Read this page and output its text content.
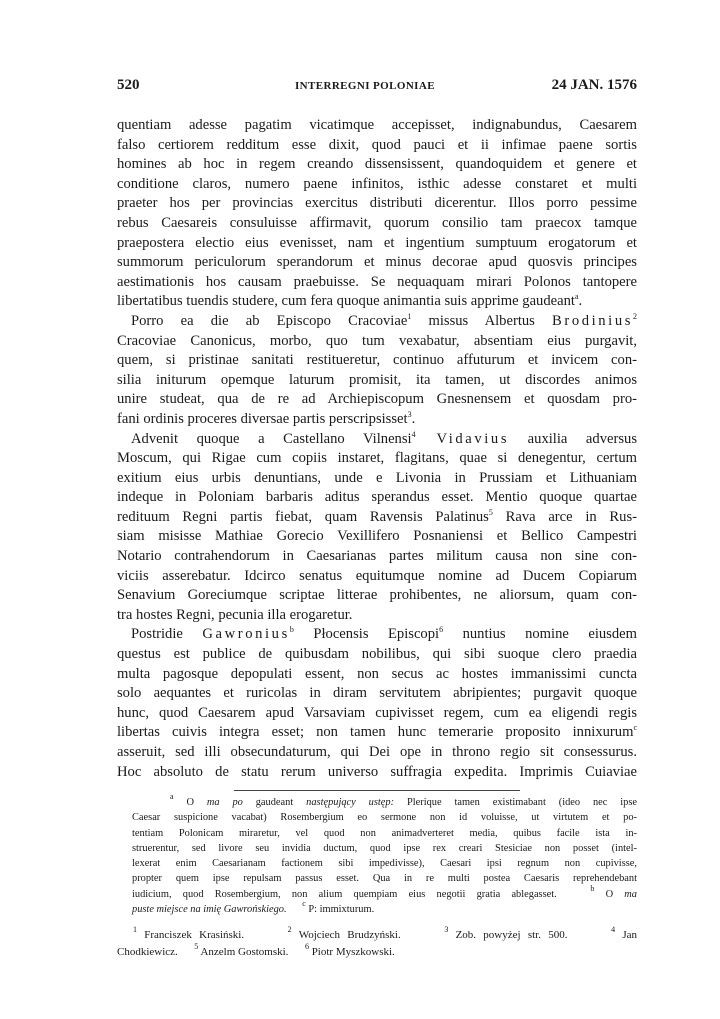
520	INTERREGNI POLONIAE	24 JAN. 1576
quentiam adesse pagatim vicatimque accepisset, indignabundus, Caesarem
falso certiorem redditum esse dixit, quod pauci et ii infimae paene sortis
homines ab hoc in regem creando dissensissent, quandoquidem et genere et
conditione claros, numero paene infinitos, isthic adesse constaret et multi
praeter hos per provincias exercitus distributi dicerentur. Illos porro pessime
rebus Caesareis consuluisse affirmavit, quorum consilio tam praecox tamque
praepostera electio eius evenisset, nam et ingentium sumptuum erogatorum et
summorum periculorum sperandorum et minus decorae apud quosvis principes
aestimationis hos causam praebuisse. Se nequaquam mirari Polonos tantopere
libertatibus tuendis studere, cum fera quoque animantia suis apprime gaudeant$^a$.
Porro ea die ab Episcopo Cracoviae$^1$ missus Albertus Brodinius$^2$
Cracoviae Canonicus, morbo, quo tum vexabatur, absentiam eius purgavit,
quem, si pristinae sanitati restitueretur, continuo affuturum et invicem con-
silia initurum opemque laturum promisit, ita tamen, ut discordes animos
unire studeat, qua de re ad Archiepiscopum Gnesnensem et quosdam pro-
fani ordinis proceres diversae partis perscripsisset$^3$.
Advenit quoque a Castellano Vilnensi$^4$ Vidavius auxilia adversus
Moscum, qui Rigae cum copiis instaret, flagitans, quae si denegentur, certum
exitium eius urbis denuntians, unde e Livonia in Prussiam et Lithuaniam
indeque in Poloniam barbaris aditus sperandus esset. Mentio quoque quartae
redituum Regni partis fiebat, quam Ravensis Palatinus$^5$ Rava arce in Rus-
siam misisse Mathiae Gorecio Vexillifero Posnaniensi et Bellico Campestri
Notario contrahendorum in Caesarianas partes militum causa non sine con-
viciis asserebatur. Idcirco senatus equitumque nomine ad Ducem Copiarum
Senavium Goreciumque scriptae litterae prohibentes, ne aliorsum, quam con-
tra hostes Regni, pecunia illa erogaretur.
Postridie Gawronius$^b$ Płocensis Episcopi$^6$ nuntius nomine eiusdem
questus est publice de quibusdam nobilibus, qui sibi suoque clero praedia
multa pagosque depopulati essent, non secus ac hostes immanissimi cuncta
solo aequantes et ruricolas in diram servitutem abripientes; purgavit quoque
hunc, quod Caesarem apud Varsaviam cupivisset regem, cum ea eligendi regis
libertas cuivis integra esset; non tamen hunc temerarie proposito innixurum$^c$
asseruit, sed illi obsecundaturum, qui Dei ope in throno regio sit consessurus.
Hoc absoluto de statu rerum universo suffragia expedita. Imprimis Cuiaviae
$^a$ O ma po gaudeant następujący ustęp: Plerique tamen existimabant (ideo nec ipse
Caesar suspicione vacabat) Rosembergium eo sermone non id voluisse, ut virtutem et po-
tentiam Polonicam miraretur, vel quod non animadverteret media, quibus facile ista in-
struerentur, sed livore seu invidia ductum, quod ipse rex creari Stesiciae non posset (intel-
lexerat enim Caesarianam factionem sibi impedivisse), Caesari ipsi regnum non cupivisse,
propter quem ipse repulsam passus esset. Qua in re multi postea Caesaris reprehendebant
iudicium, quod Rosembergium, non alium quempiam eius negotii gratia ablegasset.   $^b$ O ma
puste miejsce na imię Gawrońskiego.      $^c$ P: immixturum.
$^1$ Franciszek Krasiński.	$^2$ Wojciech Brudzyński.	$^3$ Zob. powyżej str. 500.	$^4$ Jan
Chodkiewicz. $^5$ Anzelm Gostomski. $^6$ Piotr Myszkowski.
